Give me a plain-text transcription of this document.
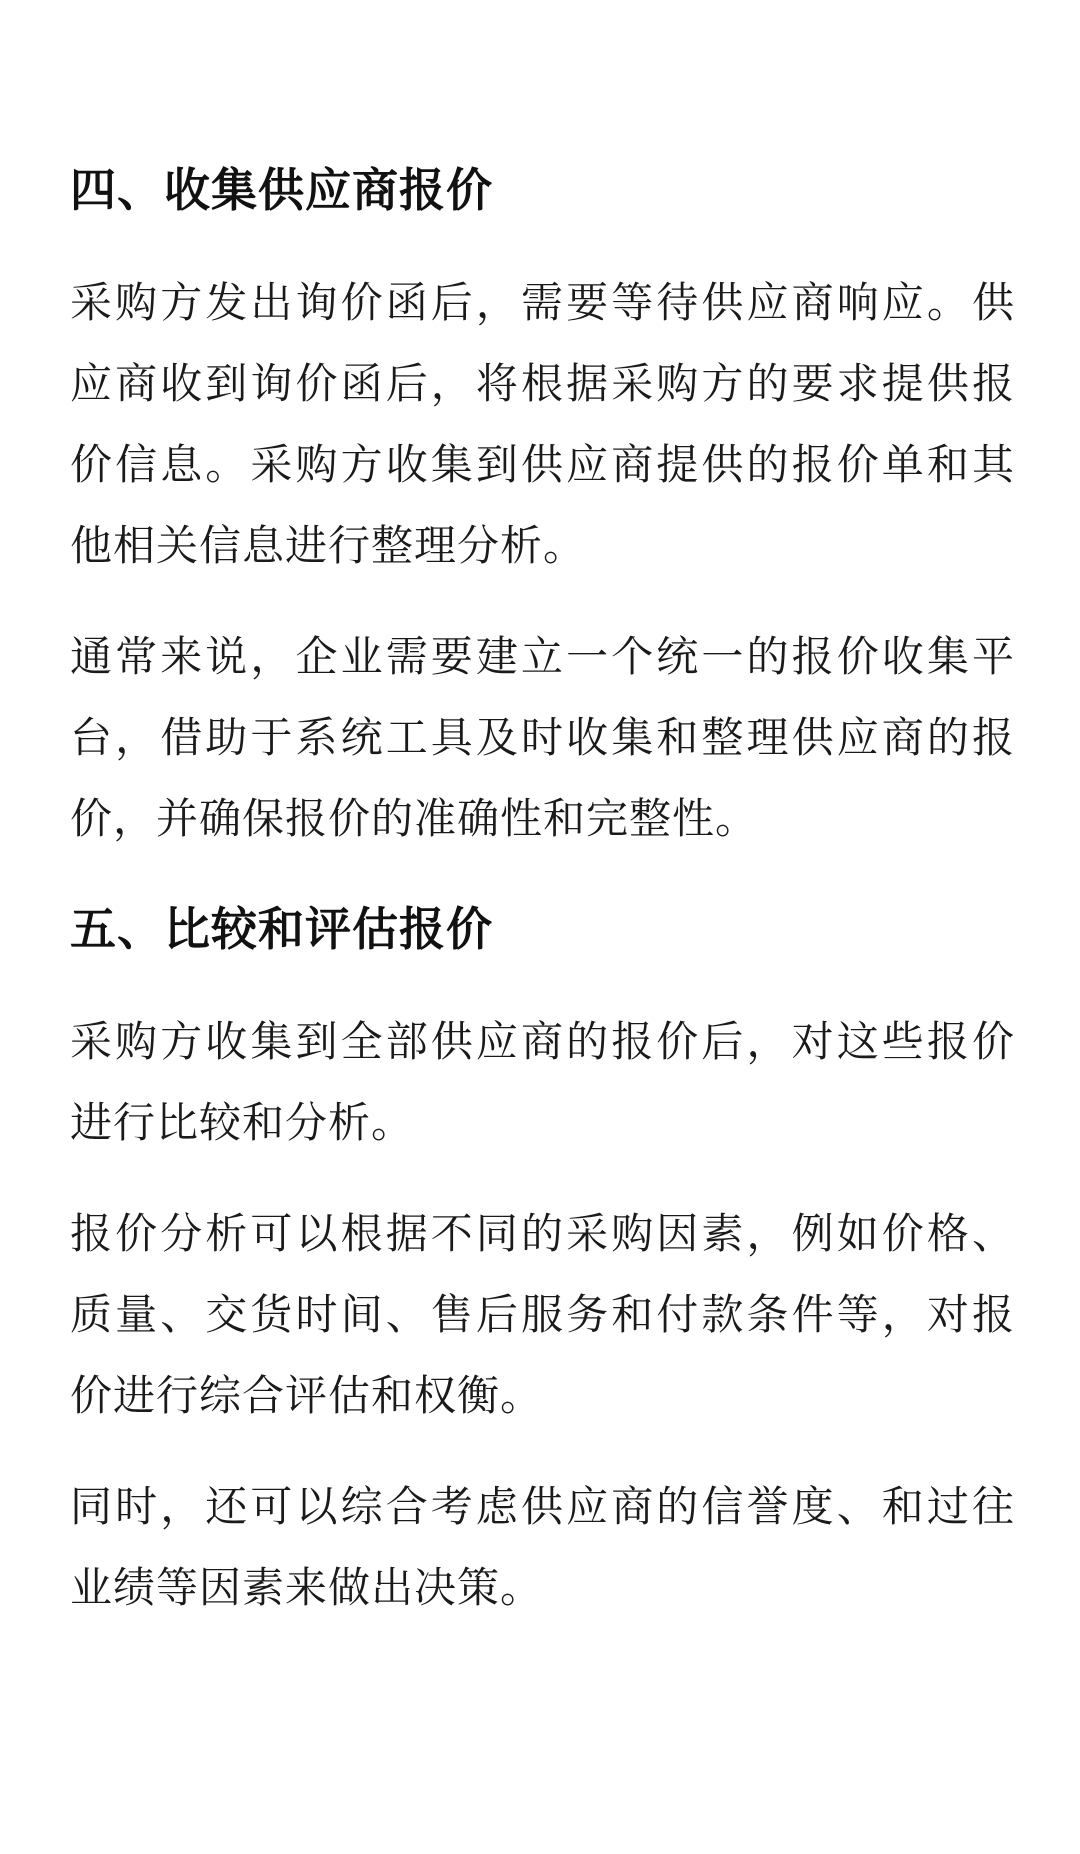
四、收集供应商报价

采购方发出询价函后，需要等待供应商响应。供应商收到询价函后，将根据采购方的要求提供报价信息。采购方收集到供应商提供的报价单和其他相关信息进行整理分析。

通常来说，企业需要建立一个统一的报价收集平台，借助于系统工具及时收集和整理供应商的报价，并确保报价的准确性和完整性。

五、比较和评估报价

采购方收集到全部供应商的报价后，对这些报价进行比较和分析。

报价分析可以根据不同的采购因素，例如价格、质量、交货时间、售后服务和付款条件等，对报价进行综合评估和权衡。

同时，还可以综合考虑供应商的信誉度、和过往业绩等因素来做出决策。
